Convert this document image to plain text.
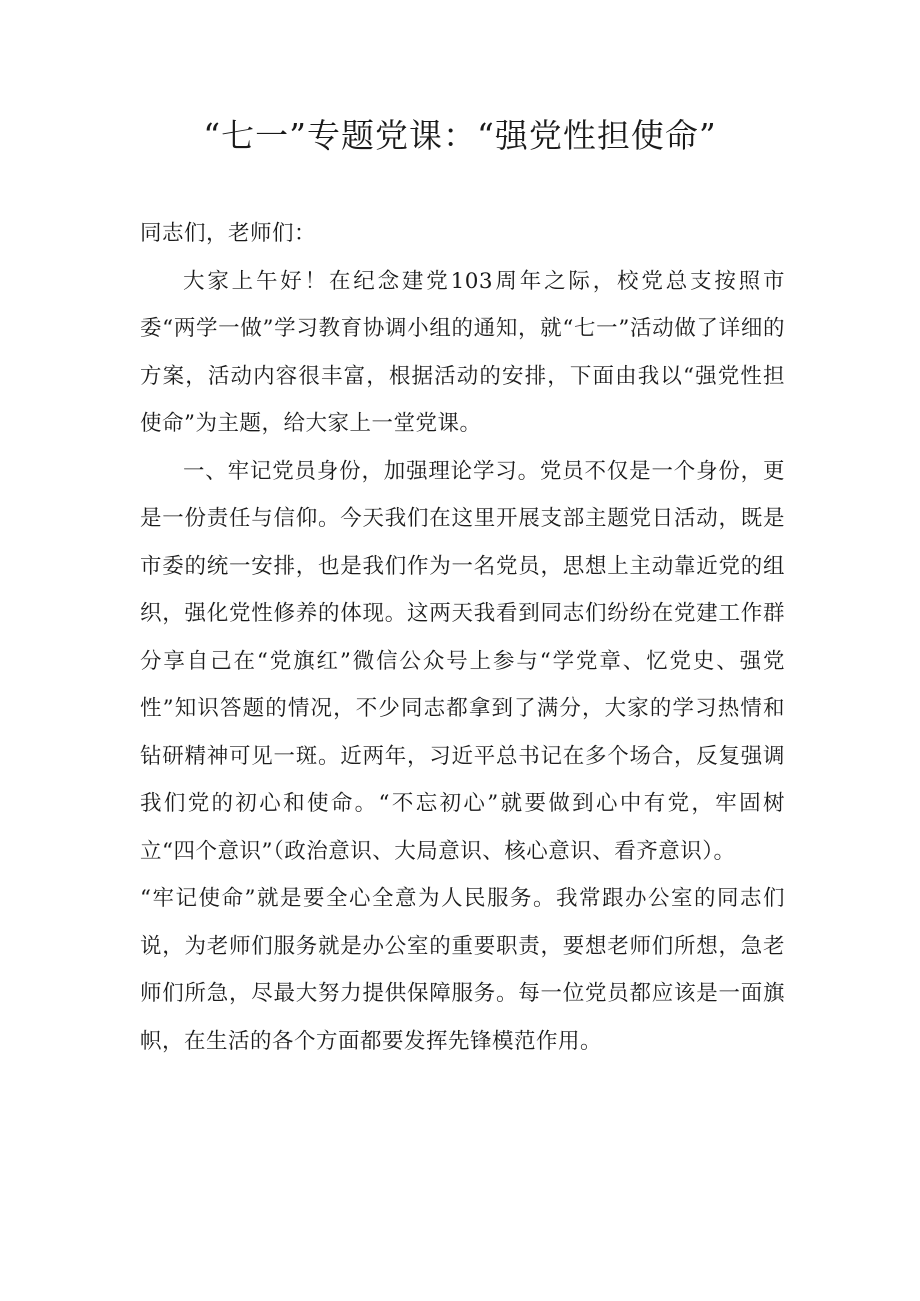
“七一”专题党课：“强党性担使命”

同志们，老师们：

大家上午好！在纪念建党103周年之际，校党总支按照市委“两学一做”学习教育协调小组的通知，就“七一”活动做了详细的方案，活动内容很丰富，根据活动的安排，下面由我以“强党性担使命”为主题，给大家上一堂党课。

一、牢记党员身份，加强理论学习。党员不仅是一个身份，更是一份责任与信仰。今天我们在这里开展支部主题党日活动，既是市委的统一安排，也是我们作为一名党员，思想上主动靠近党的组织，强化党性修养的体现。这两天我看到同志们纷纷在党建工作群分享自己在“党旗红”微信公众号上参与“学党章、忆党史、强党性”知识答题的情况，不少同志都拿到了满分，大家的学习热情和钻研精神可见一斑。近两年，习近平总书记在多个场合，反复强调我们党的初心和使命。“不忘初心”就要做到心中有党，牢固树立“四个意识”（政治意识、大局意识、核心意识、看齐意识）。

“牢记使命”就是要全心全意为人民服务。我常跟办公室的同志们说，为老师们服务就是办公室的重要职责，要想老师们所想，急老师们所急，尽最大努力提供保障服务。每一位党员都应该是一面旗帜，在生活的各个方面都要发挥先锋模范作用。
